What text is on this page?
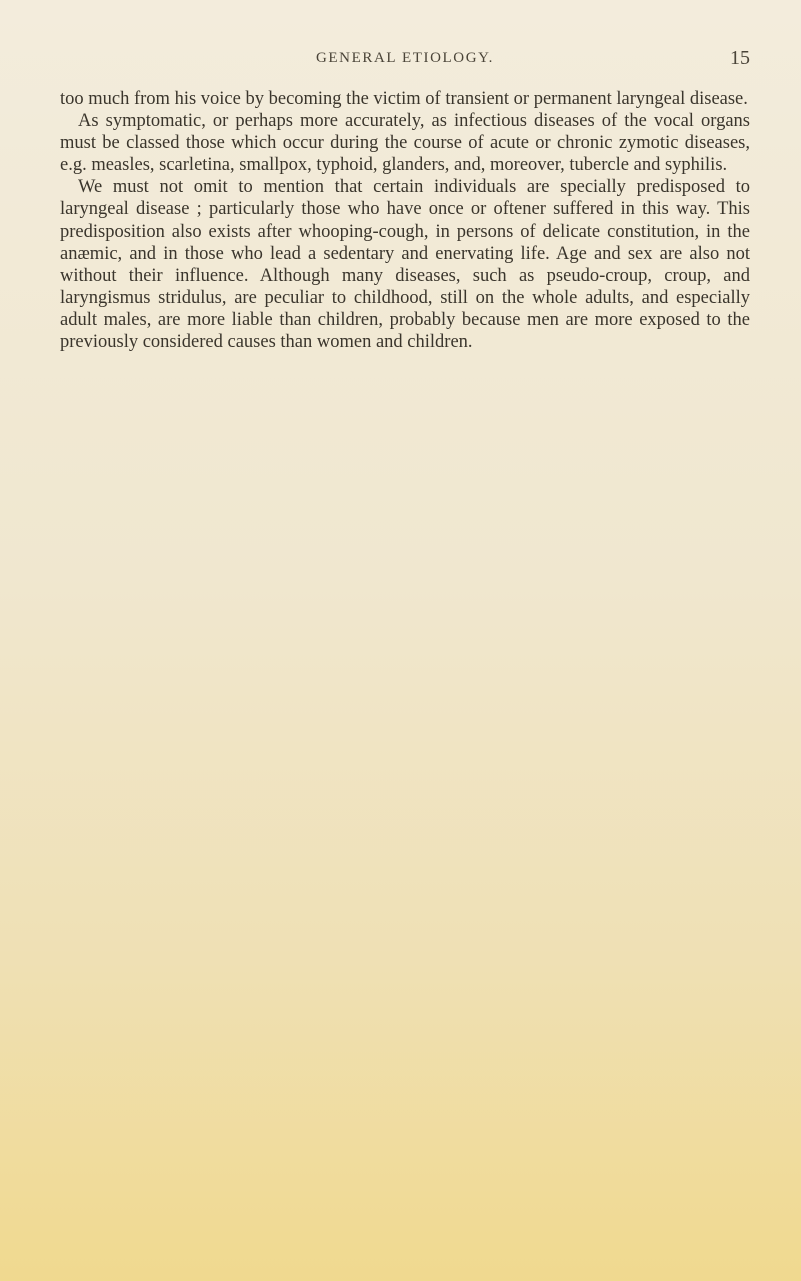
GENERAL ETIOLOGY.	15

too much from his voice by becoming the victim of transient or permanent laryngeal disease.

As symptomatic, or perhaps more accurately, as infectious diseases of the vocal organs must be classed those which occur during the course of acute or chronic zymotic diseases, e.g. measles, scarletina, smallpox, typhoid, glanders, and, moreover, tubercle and syphilis.

We must not omit to mention that certain individuals are specially predisposed to laryngeal disease ; particularly those who have once or oftener suffered in this way. This predisposition also exists after whooping-cough, in persons of delicate constitution, in the anæmic, and in those who lead a sedentary and enervating life. Age and sex are also not without their influence. Although many diseases, such as pseudo-croup, croup, and laryngismus stridulus, are peculiar to childhood, still on the whole adults, and especially adult males, are more liable than children, probably because men are more exposed to the previously considered causes than women and children.
